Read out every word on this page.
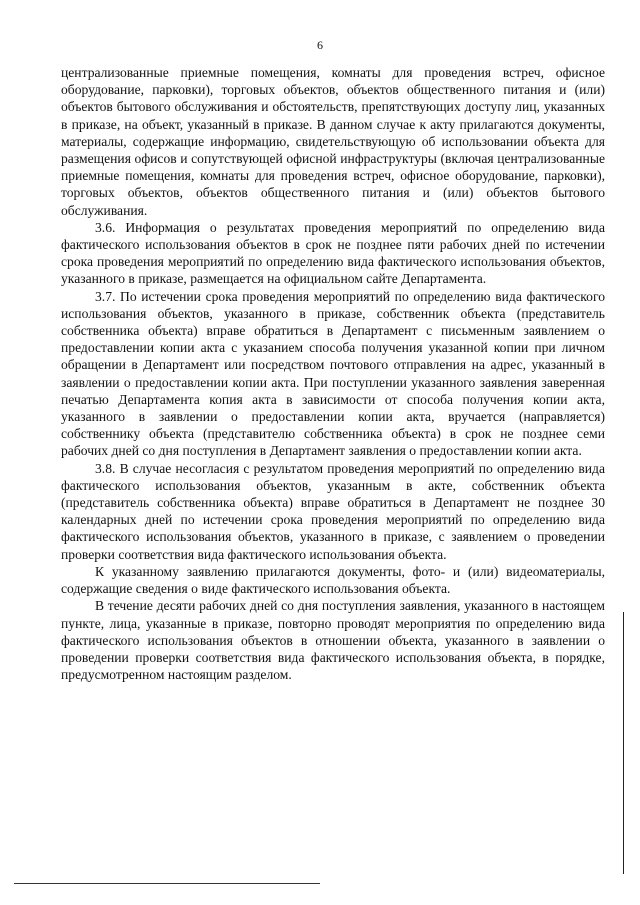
6

централизованные приемные помещения, комнаты для проведения встреч, офисное оборудование, парковки), торговых объектов, объектов общественного питания и (или) объектов бытового обслуживания и обстоятельств, препятствующих доступу лиц, указанных в приказе, на объект, указанный в приказе. В данном случае к акту прилагаются документы, материалы, содержащие информацию, свидетельствующую об использовании объекта для размещения офисов и сопутствующей офисной инфраструктуры (включая централизованные приемные помещения, комнаты для проведения встреч, офисное оборудование, парковки), торговых объектов, объектов общественного питания и (или) объектов бытового обслуживания.

3.6. Информация о результатах проведения мероприятий по определению вида фактического использования объектов в срок не позднее пяти рабочих дней по истечении срока проведения мероприятий по определению вида фактического использования объектов, указанного в приказе, размещается на официальном сайте Департамента.

3.7. По истечении срока проведения мероприятий по определению вида фактического использования объектов, указанного в приказе, собственник объекта (представитель собственника объекта) вправе обратиться в Департамент с письменным заявлением о предоставлении копии акта с указанием способа получения указанной копии при личном обращении в Департамент или посредством почтового отправления на адрес, указанный в заявлении о предоставлении копии акта. При поступлении указанного заявления заверенная печатью Департамента копия акта в зависимости от способа получения копии акта, указанного в заявлении о предоставлении копии акта, вручается (направляется) собственнику объекта (представителю собственника объекта) в срок не позднее семи рабочих дней со дня поступления в Департамент заявления о предоставлении копии акта.

3.8. В случае несогласия с результатом проведения мероприятий по определению вида фактического использования объектов, указанным в акте, собственник объекта (представитель собственника объекта) вправе обратиться в Департамент не позднее 30 календарных дней по истечении срока проведения мероприятий по определению вида фактического использования объектов, указанного в приказе, с заявлением о проведении проверки соответствия вида фактического использования объекта.

К указанному заявлению прилагаются документы, фото- и (или) видеоматериалы, содержащие сведения о виде фактического использования объекта.

В течение десяти рабочих дней со дня поступления заявления, указанного в настоящем пункте, лица, указанные в приказе, повторно проводят мероприятия по определению вида фактического использования объектов в отношении объекта, указанного в заявлении о проведении проверки соответствия вида фактического использования объекта, в порядке, предусмотренном настоящим разделом.
